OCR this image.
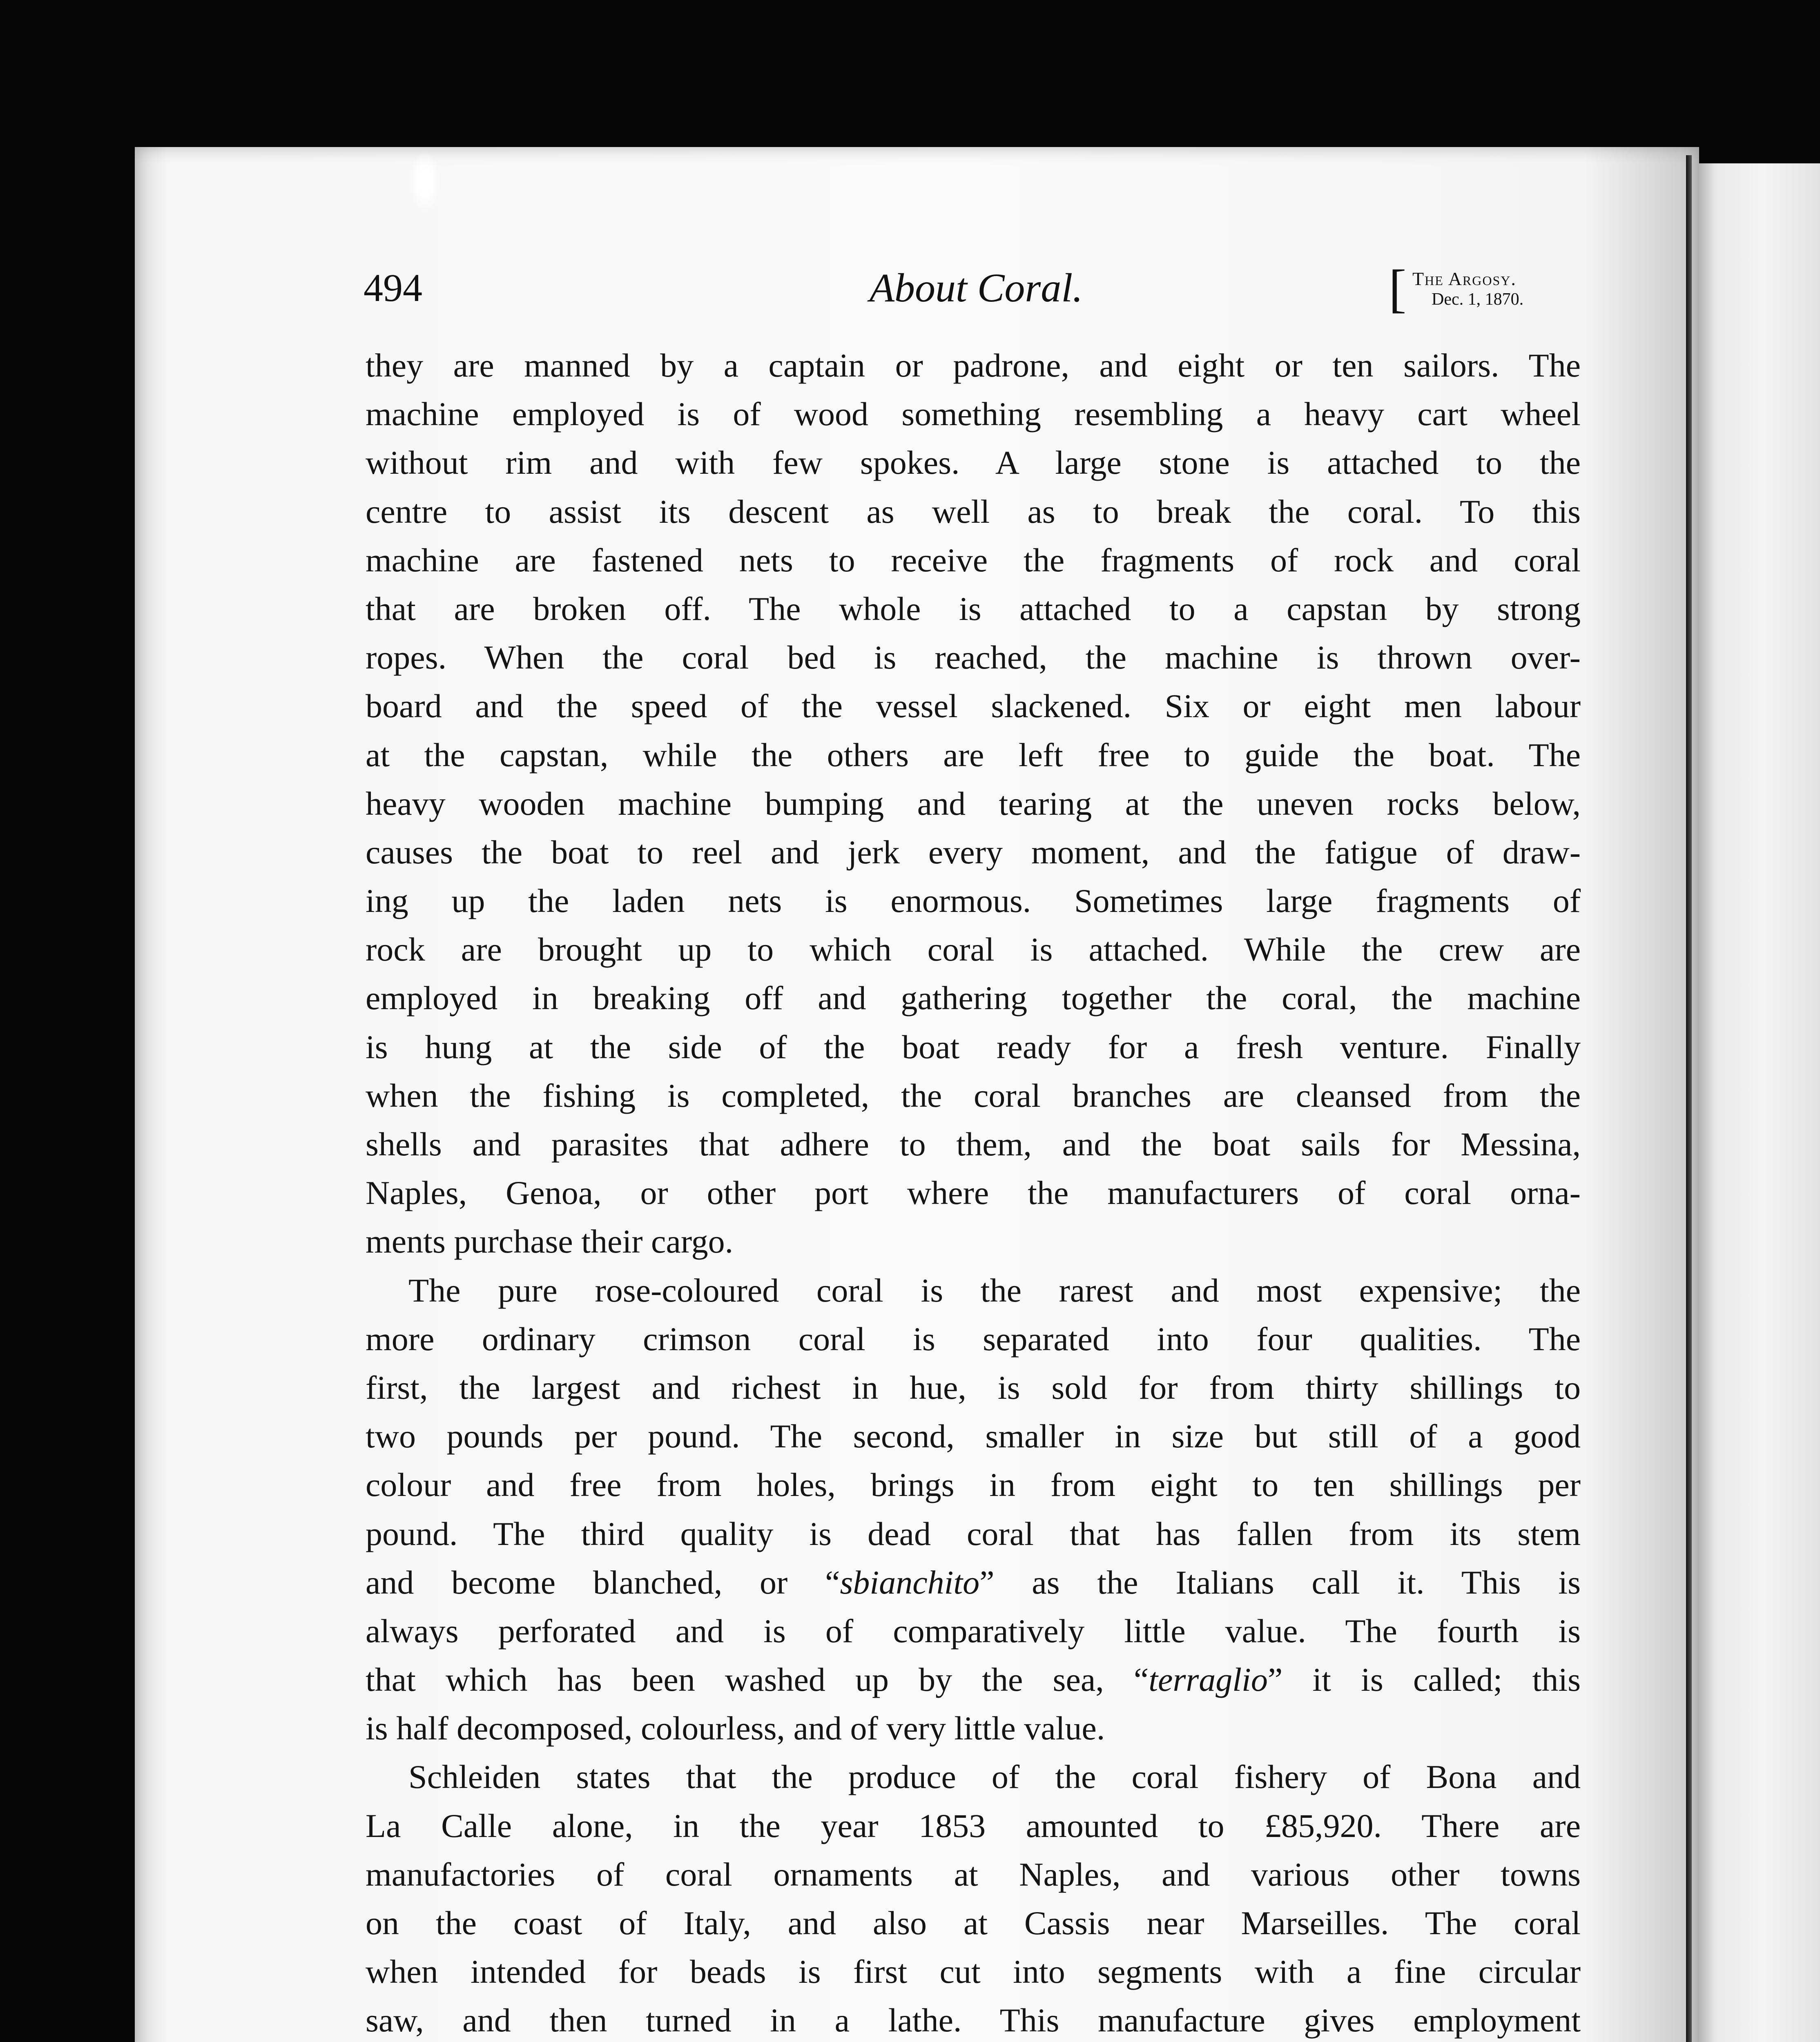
494	About Coral.	[ The Argosy.
Dec. 1, 1870.
they are manned by a captain or padrone, and eight or ten sailors. The
machine employed is of wood something resembling a heavy cart wheel
without rim and with few spokes. A large stone is attached to the
centre to assist its descent as well as to break the coral. To this
machine are fastened nets to receive the fragments of rock and coral
that are broken off. The whole is attached to a capstan by strong
ropes. When the coral bed is reached, the machine is thrown over-
board and the speed of the vessel slackened. Six or eight men labour
at the capstan, while the others are left free to guide the boat. The
heavy wooden machine bumping and tearing at the uneven rocks below,
causes the boat to reel and jerk every moment, and the fatigue of draw-
ing up the laden nets is enormous. Sometimes large fragments of
rock are brought up to which coral is attached. While the crew are
employed in breaking off and gathering together the coral, the machine
is hung at the side of the boat ready for a fresh venture. Finally
when the fishing is completed, the coral branches are cleansed from the
shells and parasites that adhere to them, and the boat sails for Messina,
Naples, Genoa, or other port where the manufacturers of coral orna-
ments purchase their cargo.
The pure rose-coloured coral is the rarest and most expensive; the
more ordinary crimson coral is separated into four qualities. The
first, the largest and richest in hue, is sold for from thirty shillings to
two pounds per pound. The second, smaller in size but still of a good
colour and free from holes, brings in from eight to ten shillings per
pound. The third quality is dead coral that has fallen from its stem
and become blanched, or “sbianchito” as the Italians call it. This is
always perforated and is of comparatively little value. The fourth is
that which has been washed up by the sea, “terraglio” it is called; this
is half decomposed, colourless, and of very little value.
Schleiden states that the produce of the coral fishery of Bona and
La Calle alone, in the year 1853 amounted to £85,920. There are
manufactories of coral ornaments at Naples, and various other towns
on the coast of Italy, and also at Cassis near Marseilles. The coral
when intended for beads is first cut into segments with a fine circular
saw, and then turned in a lathe. This manufacture gives employment
